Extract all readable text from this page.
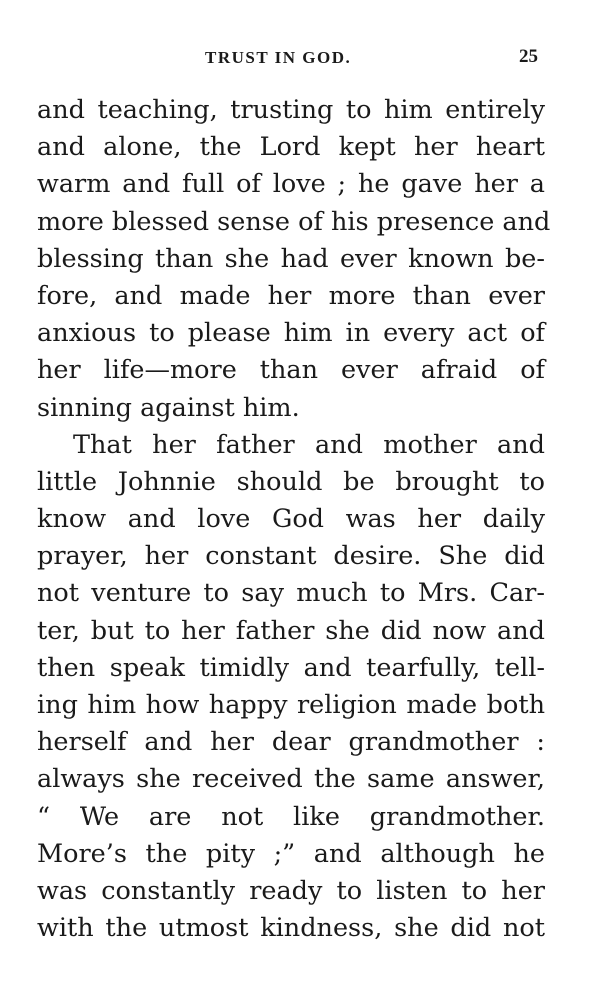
TRUST IN GOD.	25
and teaching, trusting to him entirely
and alone, the Lord kept her heart
warm and full of love ; he gave her a
more blessed sense of his presence and
blessing than she had ever known be-
fore, and made her more than ever
anxious to please him in every act of
her life—more than ever afraid of
sinning against him.
That her father and mother and
little Johnnie should be brought to
know and love God was her daily
prayer, her constant desire. She did
not venture to say much to Mrs. Car-
ter, but to her father she did now and
then speak timidly and tearfully, tell-
ing him how happy religion made both
herself and her dear grandmother :
always she received the same answer,
“ We are not like grandmother.
More’s the pity ;” and although he
was constantly ready to listen to her
with the utmost kindness, she did not
